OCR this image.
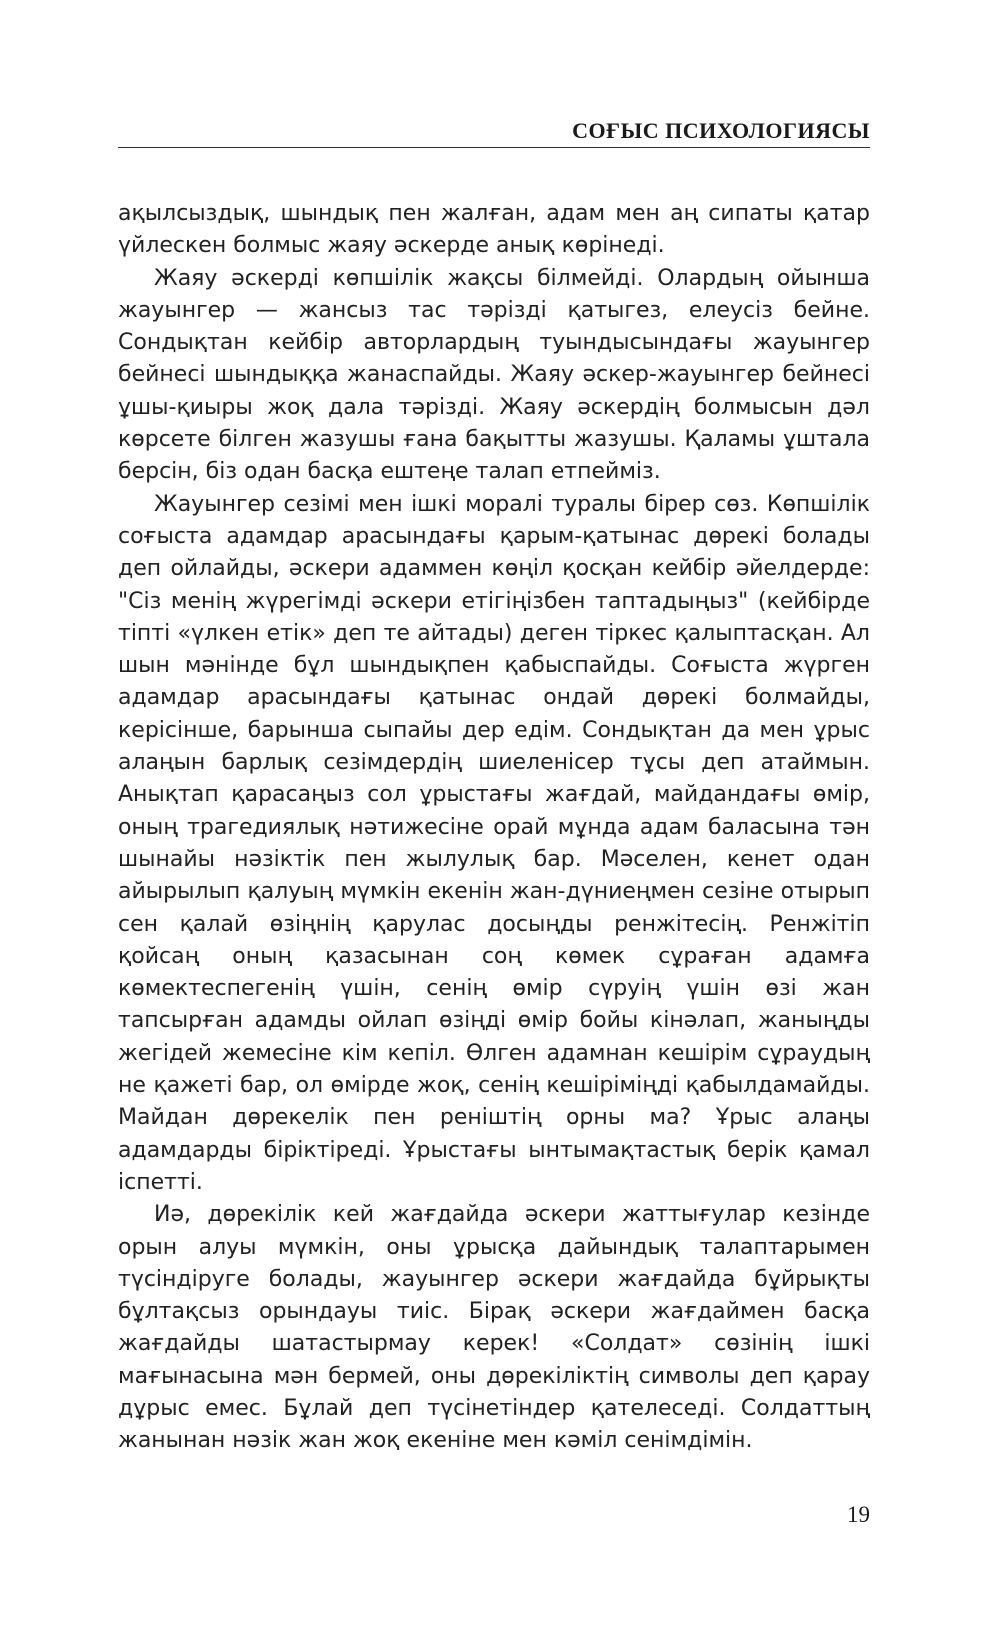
СОҒЫС ПСИХОЛОГИЯСЫ

ақылсыздық, шындық пен жалған, адам мен аң сипаты қатар үйлескен болмыс жаяу әскерде анық көрінеді.

Жаяу әскерді көпшілік жақсы білмейді. Олардың ойынша жауынгер — жансыз тас тәрізді қатыгез, елеусіз бейне. Сондықтан кейбір авторлардың туындысындағы жауынгер бейнесі шындыққа жанаспайды. Жаяу әскер-жауынгер бейнесі ұшы-қиыры жоқ дала тәрізді. Жаяу әскердің болмысын дәл көрсете білген жазушы ғана бақытты жазушы. Қаламы ұштала берсін, біз одан басқа ештеңе талап етпейміз.

Жауынгер сезімі мен ішкі моралі туралы бірер сөз. Көпшілік соғыста адамдар арасындағы қарым-қатынас дөрекі болады деп ойлайды, әскери адаммен көңіл қосқан кейбір әйелдерде: "Сіз менің жүрегімді әскери етігіңізбен таптадыңыз" (кейбірде тіпті «үлкен етік» деп те айтады) деген тіркес қалыптасқан. Ал шын мәнінде бұл шындықпен қабыспайды. Соғыста жүрген адамдар арасындағы қатынас ондай дөрекі болмайды, керісінше, барынша сыпайы дер едім. Сондықтан да мен ұрыс алаңын барлық сезімдердің шиеленісер тұсы деп атаймын. Анықтап қарасаңыз сол ұрыстағы жағдай, майдандағы өмір, оның трагедиялық нәтижесіне орай мұнда адам баласына тән шынайы нәзіктік пен жылулық бар. Мәселен, кенет одан айырылып қалуың мүмкін екенін жан-дүниеңмен сезіне отырып сен қалай өзіңнің қарулас досыңды ренжітесің. Ренжітіп қойсаң оның қазасынан соң көмек сұраған адамға көмектеспегенің үшін, сенің өмір сүруің үшін өзі жан тапсырған адамды ойлап өзіңді өмір бойы кінәлап, жаныңды жегідей жемесіне кім кепіл. Өлген адамнан кешірім сұраудың не қажеті бар, ол өмірде жоқ, сенің кешіріміңді қабылдамайды. Майдан дөрекелік пен реніштің орны ма? Ұрыс алаңы адамдарды біріктіреді. Ұрыстағы ынтымақтастық берік қамал іспетті.

Иә, дөрекілік кей жағдайда әскери жаттығулар кезінде орын алуы мүмкін, оны ұрысқа дайындық талаптарымен түсіндіруге болады, жауынгер әскери жағдайда бұйрықты бұлтақсыз орындауы тиіс. Бірақ әскери жағдаймен басқа жағдайды шатастырмау керек! «Солдат» сөзінің ішкі мағынасына мән бермей, оны дөрекіліктің символы деп қарау дұрыс емес. Бұлай деп түсінетіндер қателеседі. Солдаттың жанынан нәзік жан жоқ екеніне мен кәміл сенімдімін.

19
